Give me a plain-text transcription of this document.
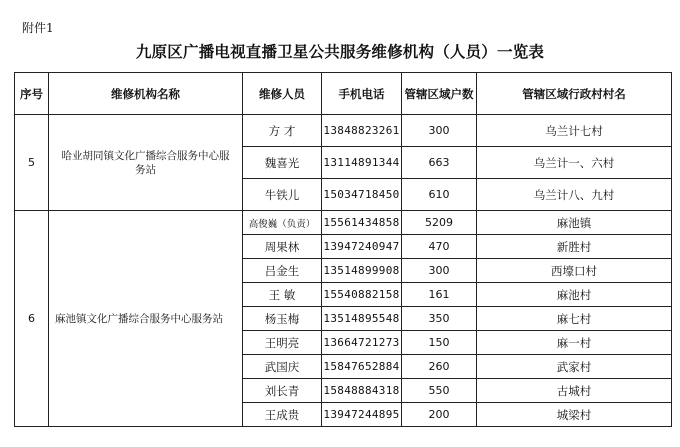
附件1
九原区广播电视直播卫星公共服务维修机构（人员）一览表
序号	维修机构名称	维修人员	手机电话	管辖区域户数	管辖区域行政村村名
5	哈业胡同镇文化广播综合服务中心服务站	方 才	13848823261	300	乌兰计七村
		魏喜光	13114891344	663	乌兰计一、六村
		牛铁儿	15034718450	610	乌兰计八、九村
6	麻池镇文化广播综合服务中心服务站	高俊巍（负责）	15561434858	5209	麻池镇
		周果林	13947240947	470	新胜村
		吕金生	13514899908	300	西壕口村
		王 敏	15540882158	161	麻池村
		杨玉梅	13514895548	350	麻七村
		王明亮	13664721273	150	麻一村
		武国庆	15847652884	260	武家村
		刘长青	15848884318	550	古城村
		王成贵	13947244895	200	城梁村
